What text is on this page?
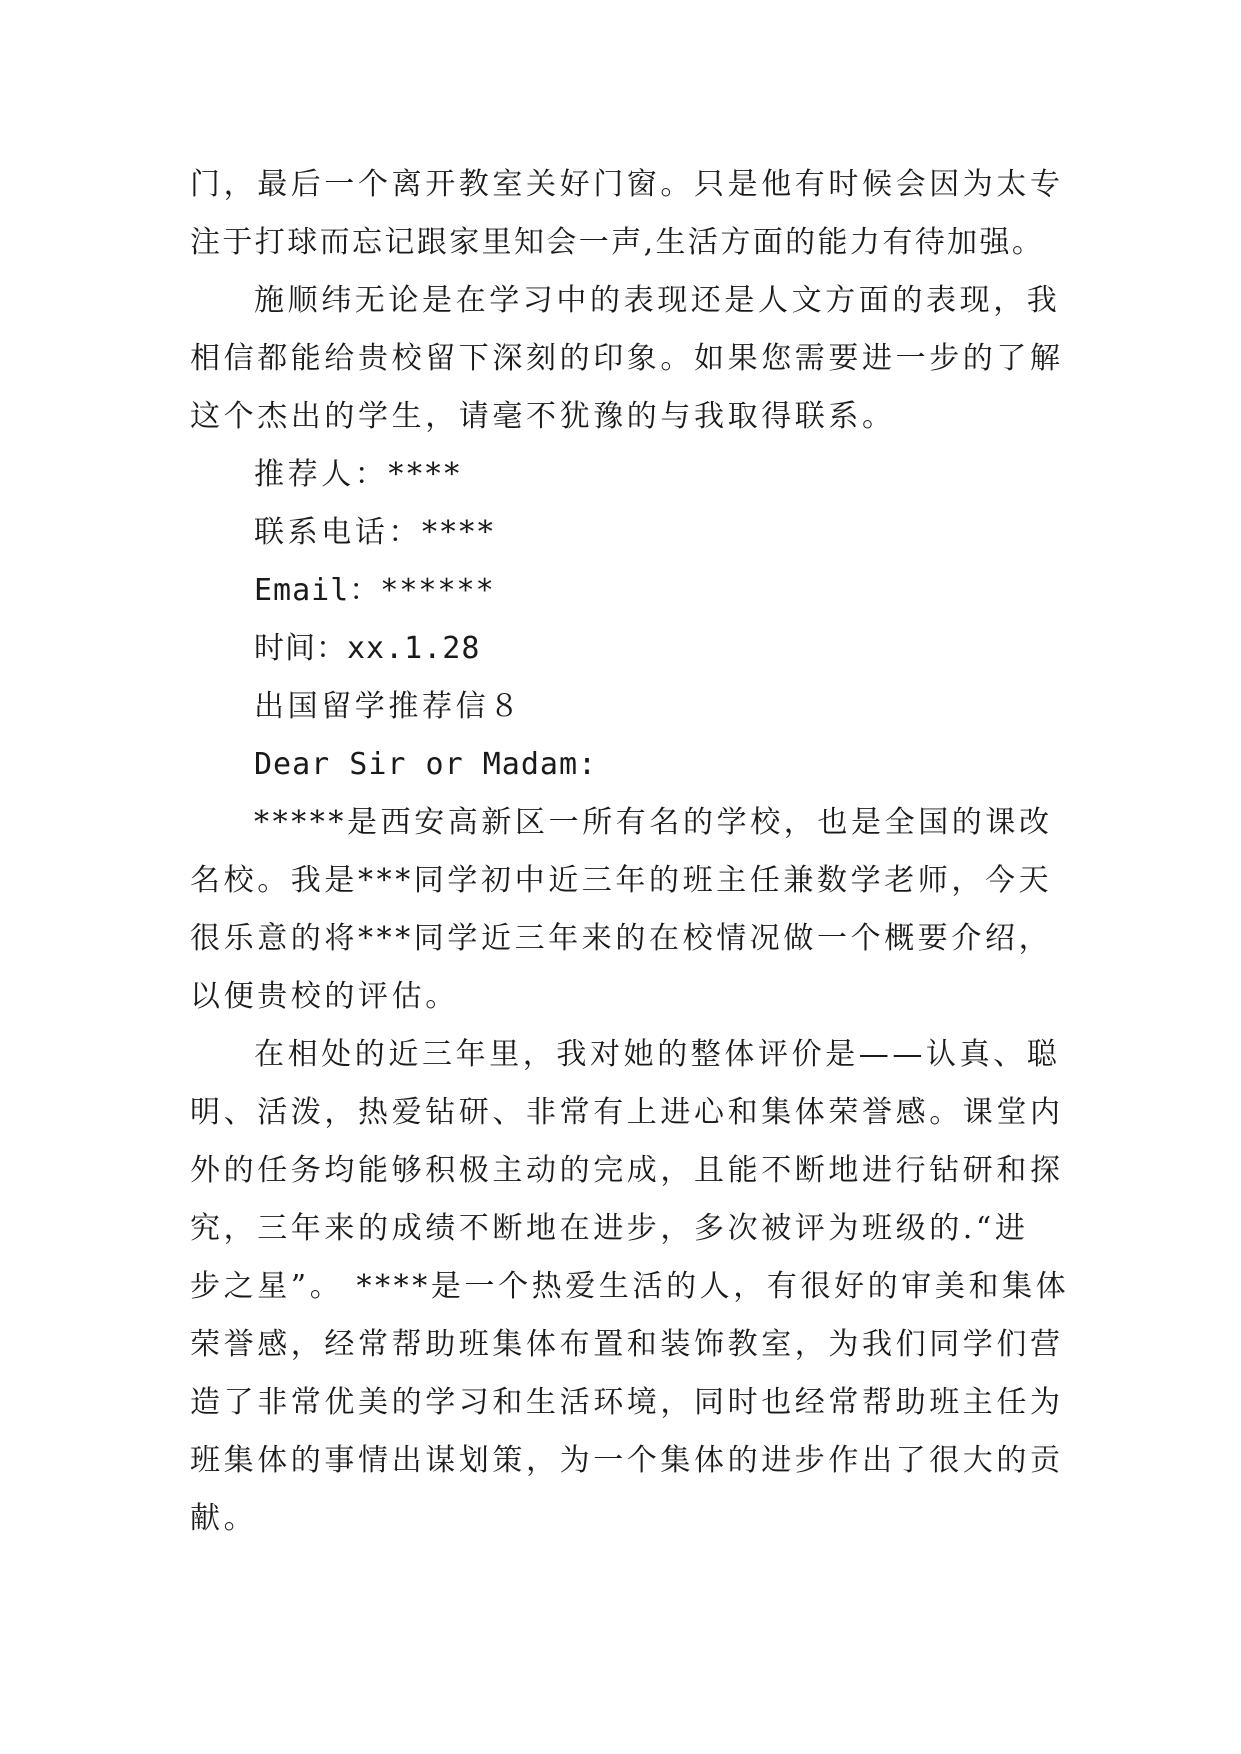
门，最后一个离开教室关好门窗。只是他有时候会因为太专
注于打球而忘记跟家里知会一声,生活方面的能力有待加强。
施顺纬无论是在学习中的表现还是人文方面的表现，我
相信都能给贵校留下深刻的印象。如果您需要进一步的了解
这个杰出的学生，请毫不犹豫的与我取得联系。
推荐人：****
联系电话：****
Email：******
时间：xx.1.28
出国留学推荐信８
Dear Sir or Madam:
*****是西安高新区一所有名的学校，也是全国的课改
名校。我是***同学初中近三年的班主任兼数学老师，今天
很乐意的将***同学近三年来的在校情况做一个概要介绍，
以便贵校的评估。
在相处的近三年里，我对她的整体评价是——认真、聪
明、活泼，热爱钻研、非常有上进心和集体荣誉感。课堂内
外的任务均能够积极主动的完成，且能不断地进行钻研和探
究，三年来的成绩不断地在进步，多次被评为班级的.“进
步之星”。 ****是一个热爱生活的人，有很好的审美和集体
荣誉感，经常帮助班集体布置和装饰教室，为我们同学们营
造了非常优美的学习和生活环境，同时也经常帮助班主任为
班集体的事情出谋划策，为一个集体的进步作出了很大的贡
献。
